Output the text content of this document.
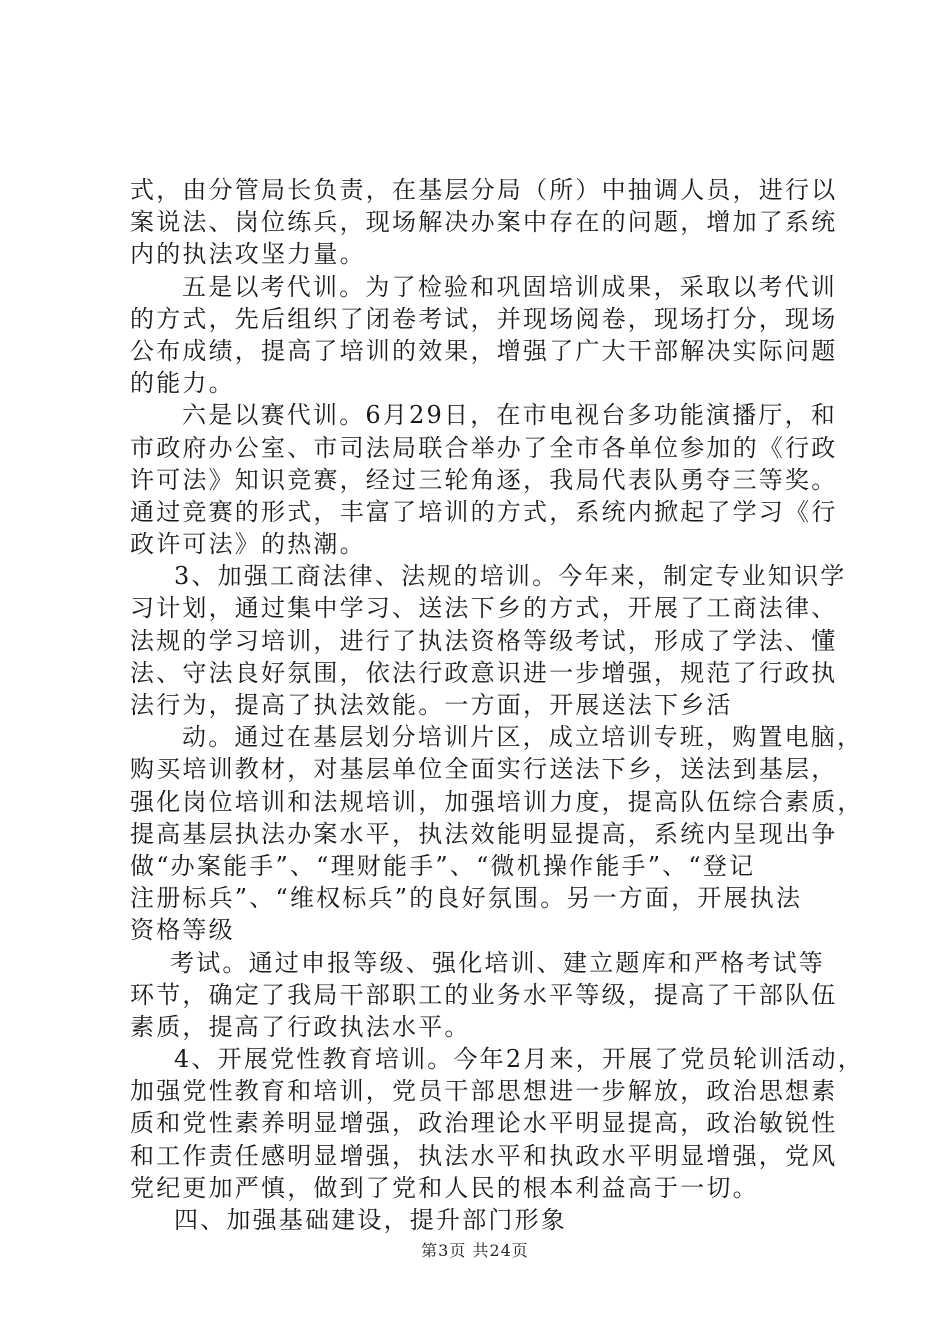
式，由分管局长负责，在基层分局（所）中抽调人员，进行以
案说法、岗位练兵，现场解决办案中存在的问题，增加了系统
内的执法攻坚力量。
五是以考代训。为了检验和巩固培训成果，采取以考代训
的方式，先后组织了闭卷考试，并现场阅卷，现场打分，现场
公布成绩，提高了培训的效果，增强了广大干部解决实际问题
的能力。
六是以赛代训。6月29日，在市电视台多功能演播厅，和
市政府办公室、市司法局联合举办了全市各单位参加的《行政
许可法》知识竞赛，经过三轮角逐，我局代表队勇夺三等奖。
通过竞赛的形式，丰富了培训的方式，系统内掀起了学习《行
政许可法》的热潮。
3、加强工商法律、法规的培训。今年来，制定专业知识学
习计划，通过集中学习、送法下乡的方式，开展了工商法律、
法规的学习培训，进行了执法资格等级考试，形成了学法、懂
法、守法良好氛围，依法行政意识进一步增强，规范了行政执
法行为，提高了执法效能。一方面，开展送法下乡活
动。通过在基层划分培训片区，成立培训专班，购置电脑，
购买培训教材，对基层单位全面实行送法下乡，送法到基层，
强化岗位培训和法规培训，加强培训力度，提高队伍综合素质，
提高基层执法办案水平，执法效能明显提高，系统内呈现出争
做“办案能手”、“理财能手”、“微机操作能手”、“登记
注册标兵”、“维权标兵”的良好氛围。另一方面，开展执法
资格等级
考试。通过申报等级、强化培训、建立题库和严格考试等
环节，确定了我局干部职工的业务水平等级，提高了干部队伍
素质，提高了行政执法水平。
4、开展党性教育培训。今年2月来，开展了党员轮训活动，
加强党性教育和培训，党员干部思想进一步解放，政治思想素
质和党性素养明显增强，政治理论水平明显提高，政治敏锐性
和工作责任感明显增强，执法水平和执政水平明显增强，党风
党纪更加严慎，做到了党和人民的根本利益高于一切。
四、加强基础建设，提升部门形象
第3页 共24页
